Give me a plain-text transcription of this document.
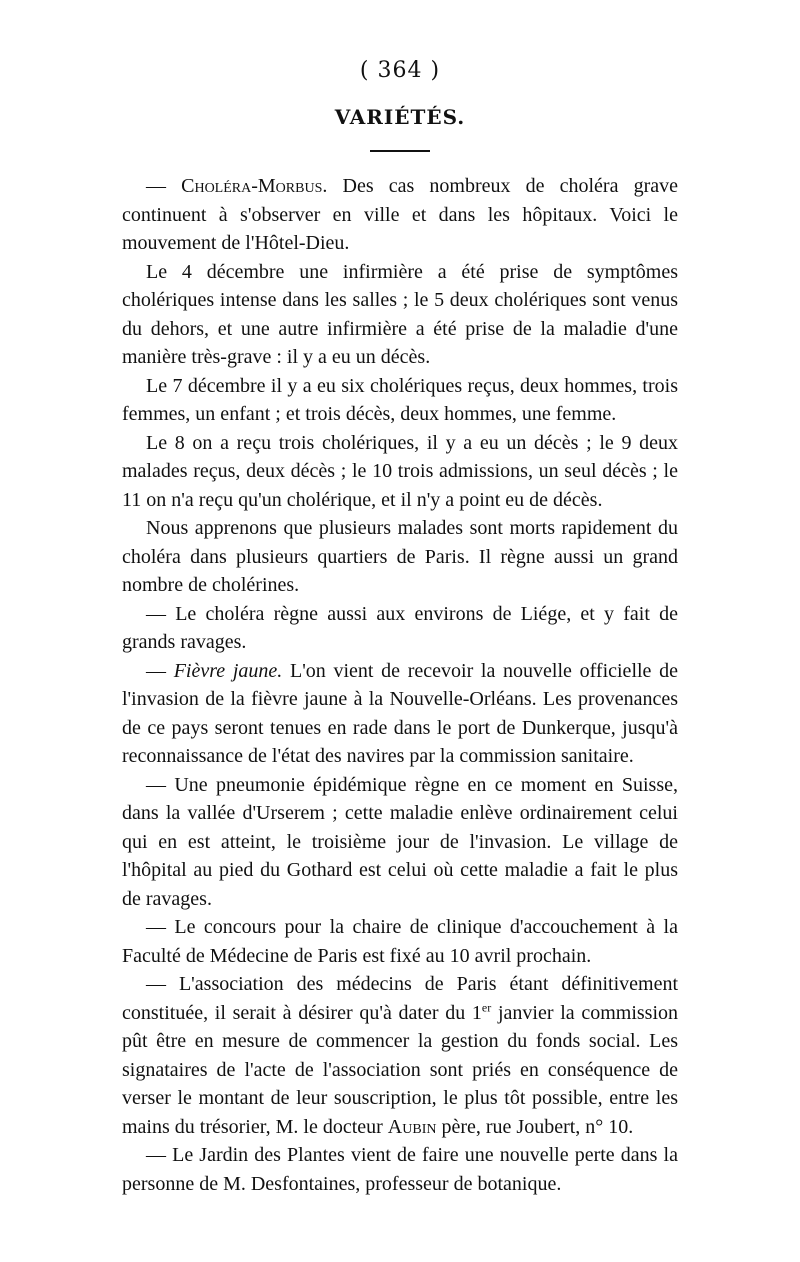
( 364 )
VARIÉTÉS.

— Choléra-Morbus. Des cas nombreux de choléra grave continuent à s'observer en ville et dans les hôpitaux. Voici le mouvement de l'Hôtel-Dieu.

Le 4 décembre une infirmière a été prise de symptômes cholériques intense dans les salles ; le 5 deux cholériques sont venus du dehors, et une autre infirmière a été prise de la maladie d'une manière très-grave : il y a eu un décès.

Le 7 décembre il y a eu six cholériques reçus, deux hommes, trois femmes, un enfant ; et trois décès, deux hommes, une femme.

Le 8 on a reçu trois cholériques, il y a eu un décès ; le 9 deux malades reçus, deux décès ; le 10 trois admissions, un seul décès ; le 11 on n'a reçu qu'un cholérique, et il n'y a point eu de décès.

Nous apprenons que plusieurs malades sont morts rapidement du choléra dans plusieurs quartiers de Paris. Il règne aussi un grand nombre de cholérines.

— Le choléra règne aussi aux environs de Liége, et y fait de grands ravages.

— Fièvre jaune. L'on vient de recevoir la nouvelle officielle de l'invasion de la fièvre jaune à la Nouvelle-Orléans. Les provenances de ce pays seront tenues en rade dans le port de Dunkerque, jusqu'à reconnaissance de l'état des navires par la commission sanitaire.

— Une pneumonie épidémique règne en ce moment en Suisse, dans la vallée d'Urserem ; cette maladie enlève ordinairement celui qui en est atteint, le troisième jour de l'invasion. Le village de l'hôpital au pied du Gothard est celui où cette maladie a fait le plus de ravages.

— Le concours pour la chaire de clinique d'accouchement à la Faculté de Médecine de Paris est fixé au 10 avril prochain.

— L'association des médecins de Paris étant définitivement constituée, il serait à désirer qu'à dater du 1er janvier la commission pût être en mesure de commencer la gestion du fonds social. Les signataires de l'acte de l'association sont priés en conséquence de verser le montant de leur souscription, le plus tôt possible, entre les mains du trésorier, M. le docteur Aubin père, rue Joubert, n° 10.

— Le Jardin des Plantes vient de faire une nouvelle perte dans la personne de M. Desfontaines, professeur de botanique.
